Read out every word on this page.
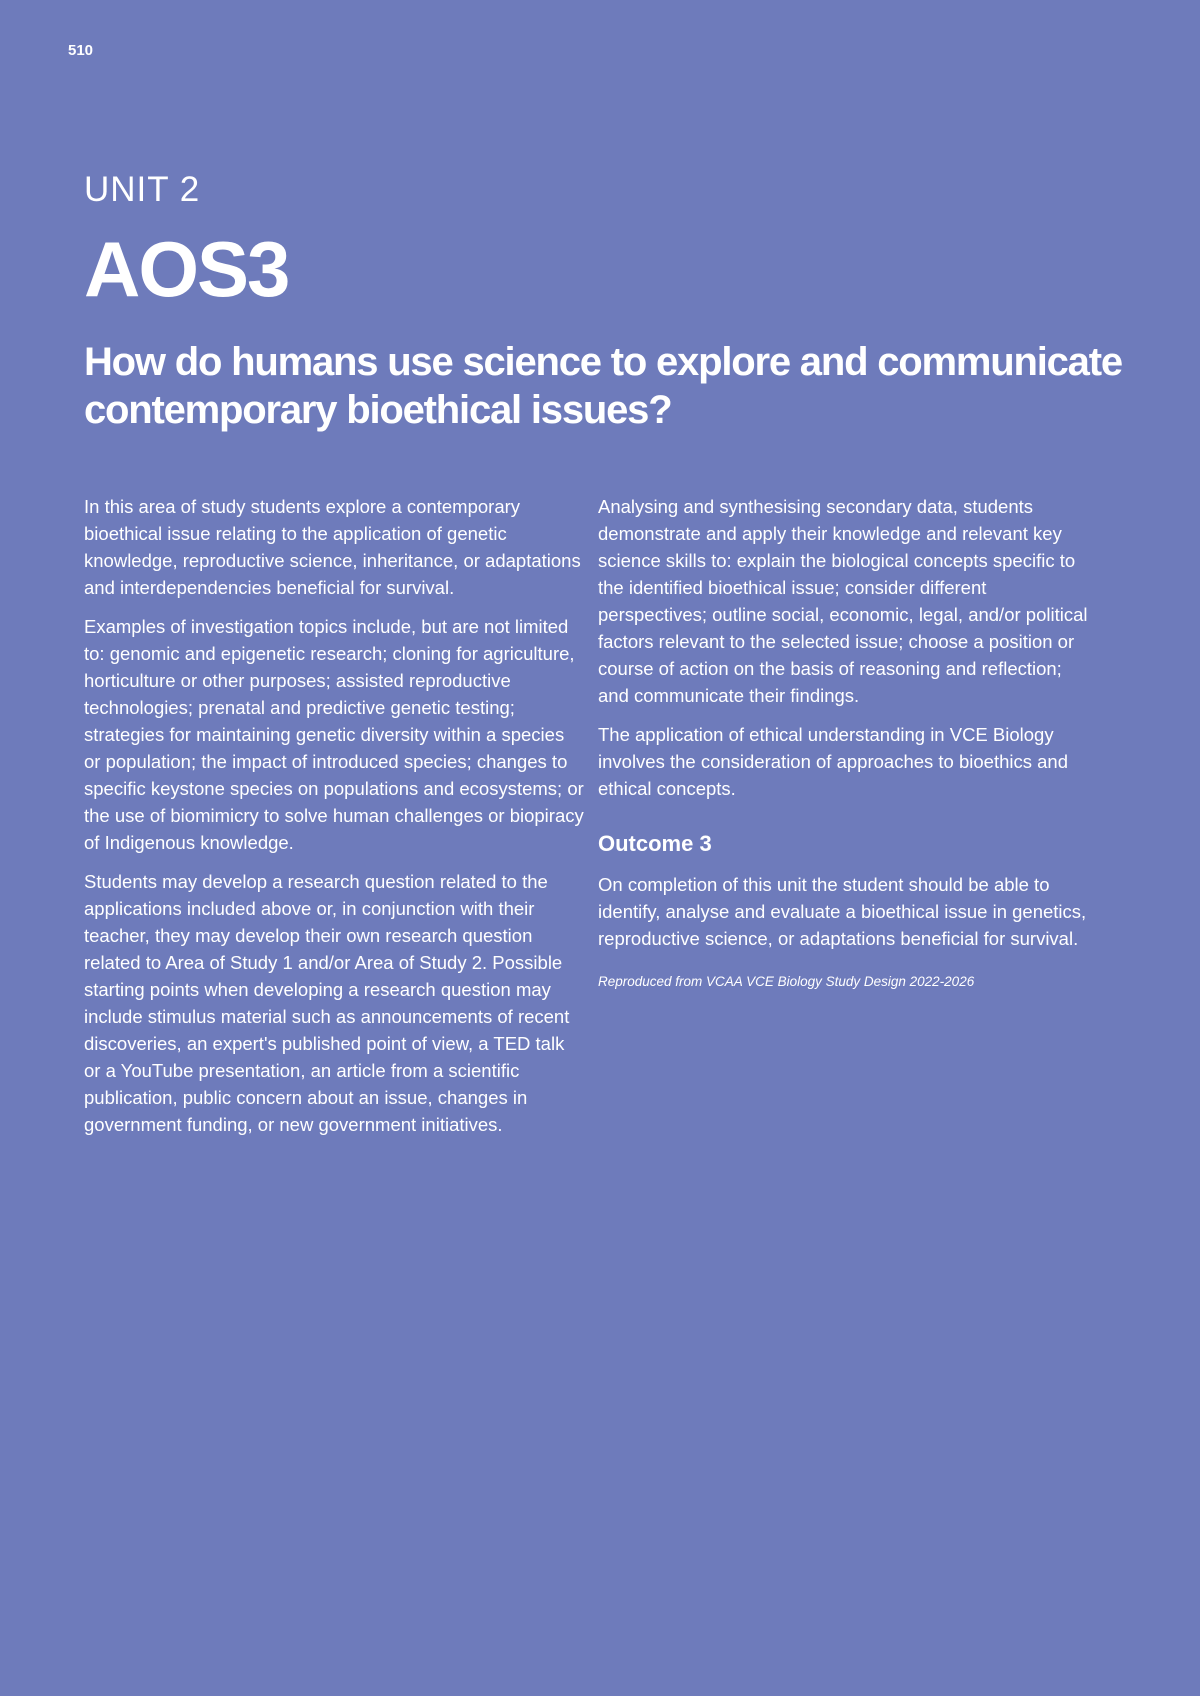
510
UNIT 2
AOS3
How do humans use science to explore and communicate contemporary bioethical issues?

In this area of study students explore a contemporary bioethical issue relating to the application of genetic knowledge, reproductive science, inheritance, or adaptations and interdependencies beneficial for survival.

Examples of investigation topics include, but are not limited to: genomic and epigenetic research; cloning for agriculture, horticulture or other purposes; assisted reproductive technologies; prenatal and predictive genetic testing; strategies for maintaining genetic diversity within a species or population; the impact of introduced species; changes to specific keystone species on populations and ecosystems; or the use of biomimicry to solve human challenges or biopiracy of Indigenous knowledge.

Students may develop a research question related to the applications included above or, in conjunction with their teacher, they may develop their own research question related to Area of Study 1 and/or Area of Study 2. Possible starting points when developing a research question may include stimulus material such as announcements of recent discoveries, an expert's published point of view, a TED talk or a YouTube presentation, an article from a scientific publication, public concern about an issue, changes in government funding, or new government initiatives.

Analysing and synthesising secondary data, students demonstrate and apply their knowledge and relevant key science skills to: explain the biological concepts specific to the identified bioethical issue; consider different perspectives; outline social, economic, legal, and/or political factors relevant to the selected issue; choose a position or course of action on the basis of reasoning and reflection; and communicate their findings.

The application of ethical understanding in VCE Biology involves the consideration of approaches to bioethics and ethical concepts.

Outcome 3

On completion of this unit the student should be able to identify, analyse and evaluate a bioethical issue in genetics, reproductive science, or adaptations beneficial for survival.

Reproduced from VCAA VCE Biology Study Design 2022-2026
